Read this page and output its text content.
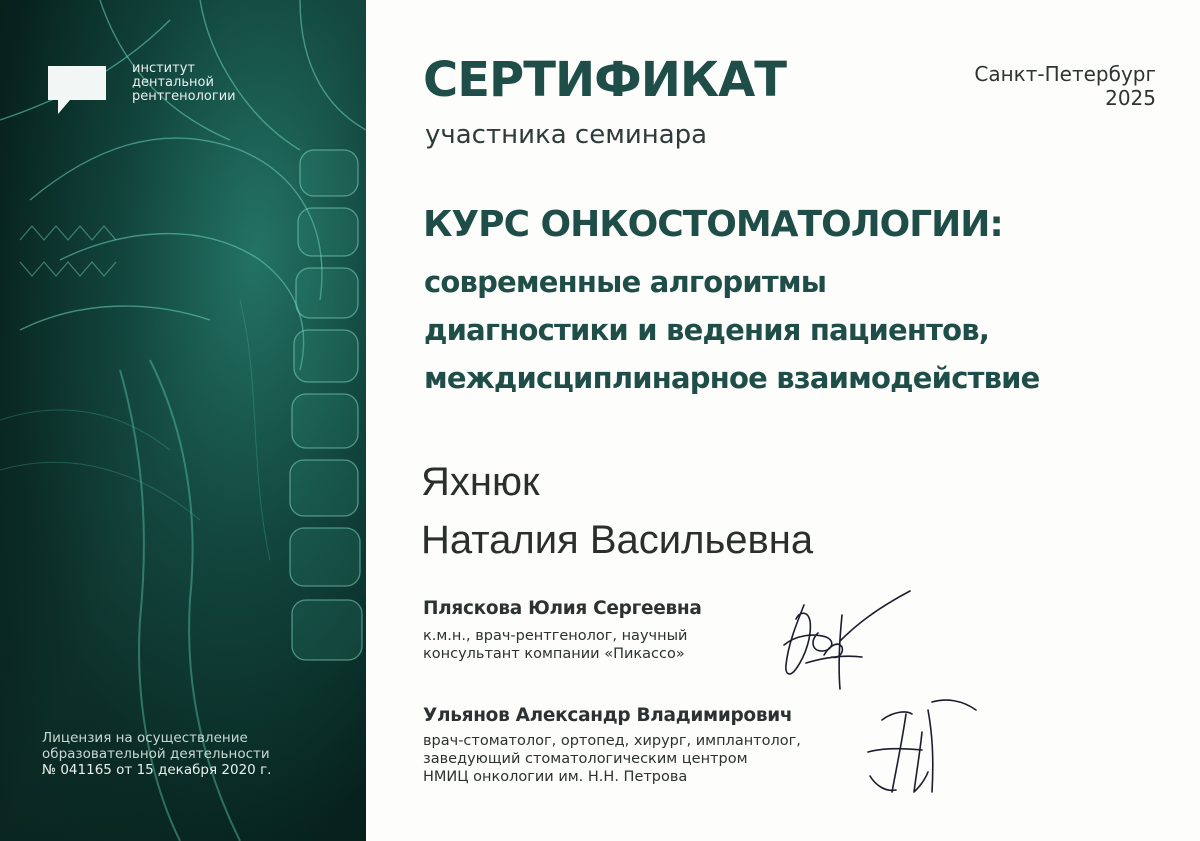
институт
дентальной
рентгенологии
Лицензия на осуществление
образовательной деятельности
№ 041165 от 15 декабря 2020 г.
СЕРТИФИКАТ
участника семинара
Санкт-Петербург
2025
КУРС ОНКОСТОМАТОЛОГИИ:
современные алгоритмы
диагностики и ведения пациентов,
междисциплинарное взаимодействие
Яхнюк
Наталия Васильевна
Пляскова Юлия Сергеевна
к.м.н., врач-рентгенолог, научный
консультант компании «Пикассо»
Ульянов Александр Владимирович
врач-стоматолог, ортопед, хирург, имплантолог,
заведующий стоматологическим центром
НМИЦ онкологии им. Н.Н. Петрова
